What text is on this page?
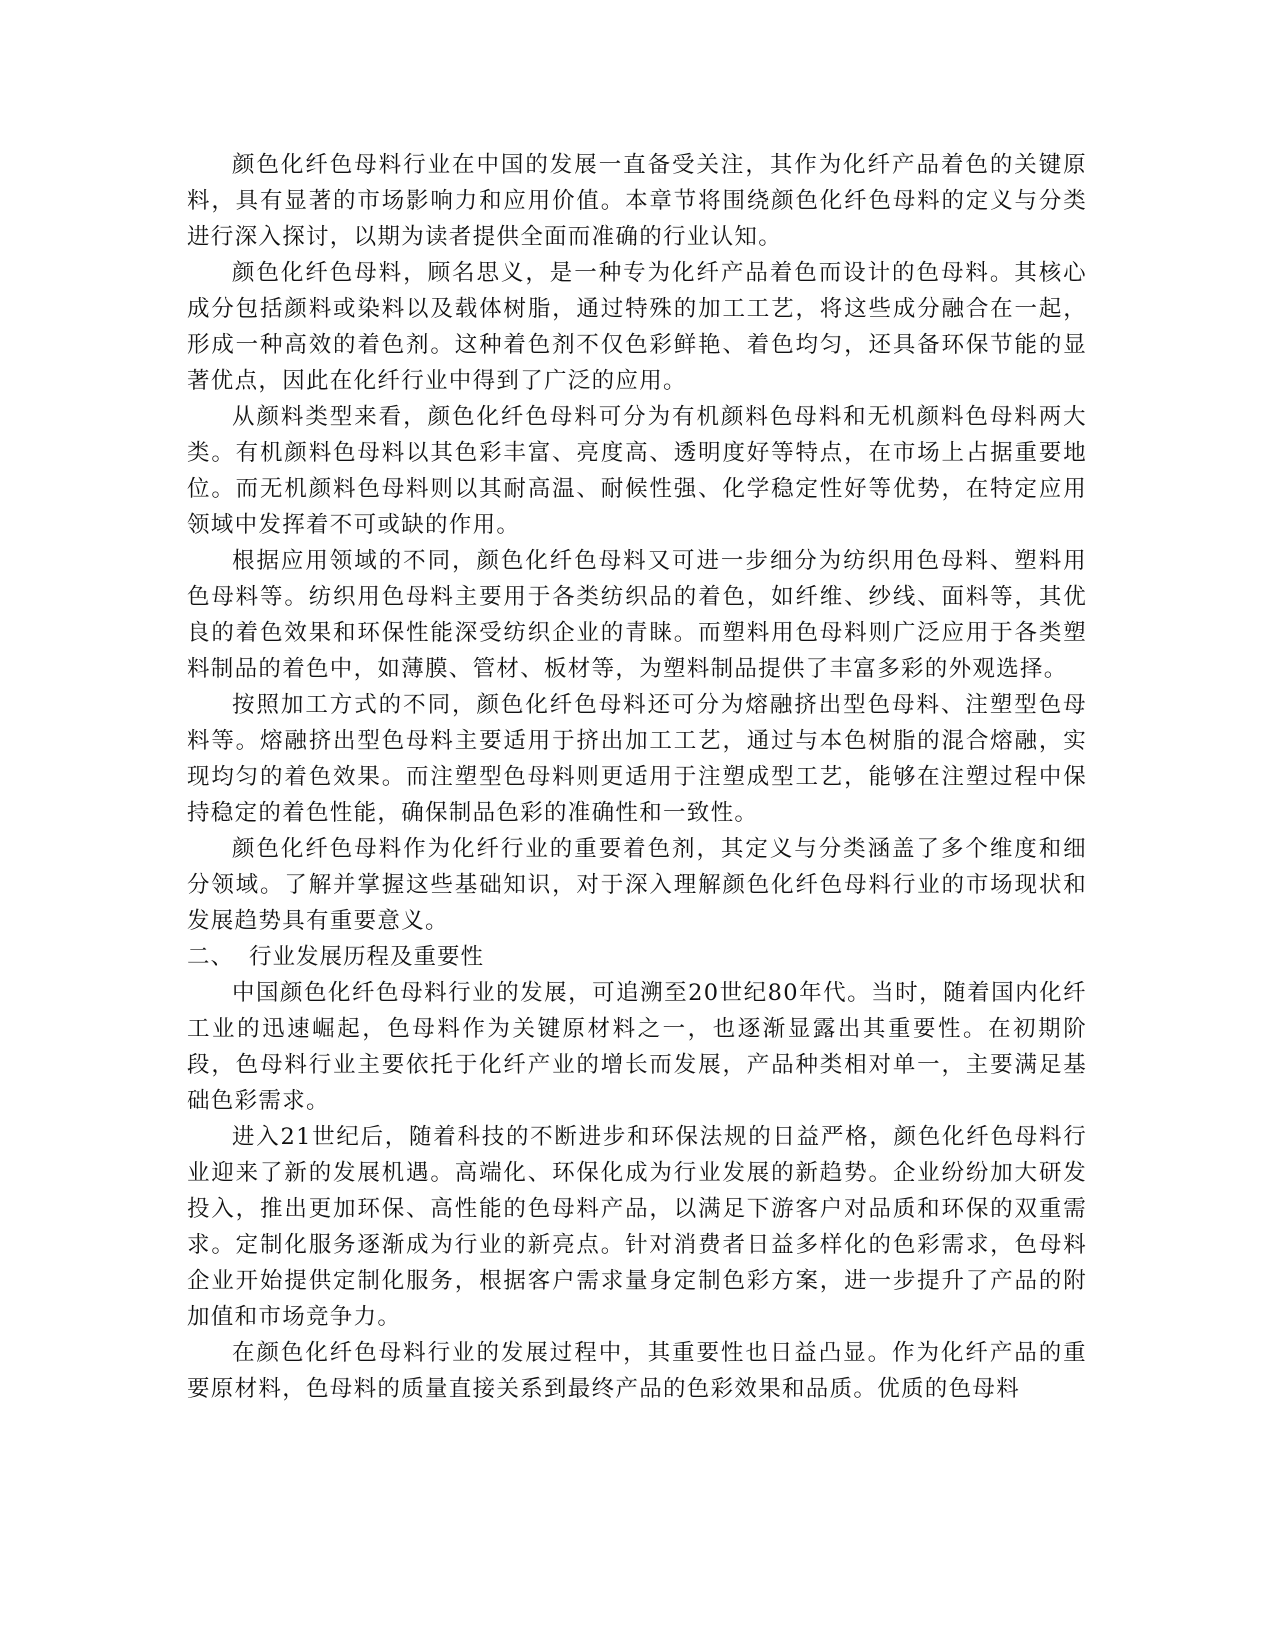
颜色化纤色母料行业在中国的发展一直备受关注，其作为化纤产品着色的关键原料，具有显著的市场影响力和应用价值。本章节将围绕颜色化纤色母料的定义与分类进行深入探讨，以期为读者提供全面而准确的行业认知。

颜色化纤色母料，顾名思义，是一种专为化纤产品着色而设计的色母料。其核心成分包括颜料或染料以及载体树脂，通过特殊的加工工艺，将这些成分融合在一起，形成一种高效的着色剂。这种着色剂不仅色彩鲜艳、着色均匀，还具备环保节能的显著优点，因此在化纤行业中得到了广泛的应用。

从颜料类型来看，颜色化纤色母料可分为有机颜料色母料和无机颜料色母料两大类。有机颜料色母料以其色彩丰富、亮度高、透明度好等特点，在市场上占据重要地位。而无机颜料色母料则以其耐高温、耐候性强、化学稳定性好等优势，在特定应用领域中发挥着不可或缺的作用。

根据应用领域的不同，颜色化纤色母料又可进一步细分为纺织用色母料、塑料用色母料等。纺织用色母料主要用于各类纺织品的着色，如纤维、纱线、面料等，其优良的着色效果和环保性能深受纺织企业的青睐。而塑料用色母料则广泛应用于各类塑料制品的着色中，如薄膜、管材、板材等，为塑料制品提供了丰富多彩的外观选择。

按照加工方式的不同，颜色化纤色母料还可分为熔融挤出型色母料、注塑型色母料等。熔融挤出型色母料主要适用于挤出加工工艺，通过与本色树脂的混合熔融，实现均匀的着色效果。而注塑型色母料则更适用于注塑成型工艺，能够在注塑过程中保持稳定的着色性能，确保制品色彩的准确性和一致性。

颜色化纤色母料作为化纤行业的重要着色剂，其定义与分类涵盖了多个维度和细分领域。了解并掌握这些基础知识，对于深入理解颜色化纤色母料行业的市场现状和发展趋势具有重要意义。

二、 行业发展历程及重要性

中国颜色化纤色母料行业的发展，可追溯至20世纪80年代。当时，随着国内化纤工业的迅速崛起，色母料作为关键原材料之一，也逐渐显露出其重要性。在初期阶段，色母料行业主要依托于化纤产业的增长而发展，产品种类相对单一，主要满足基础色彩需求。

进入21世纪后，随着科技的不断进步和环保法规的日益严格，颜色化纤色母料行业迎来了新的发展机遇。高端化、环保化成为行业发展的新趋势。企业纷纷加大研发投入，推出更加环保、高性能的色母料产品，以满足下游客户对品质和环保的双重需求。定制化服务逐渐成为行业的新亮点。针对消费者日益多样化的色彩需求，色母料企业开始提供定制化服务，根据客户需求量身定制色彩方案，进一步提升了产品的附加值和市场竞争力。

在颜色化纤色母料行业的发展过程中，其重要性也日益凸显。作为化纤产品的重要原材料，色母料的质量直接关系到最终产品的色彩效果和品质。优质的色母料
